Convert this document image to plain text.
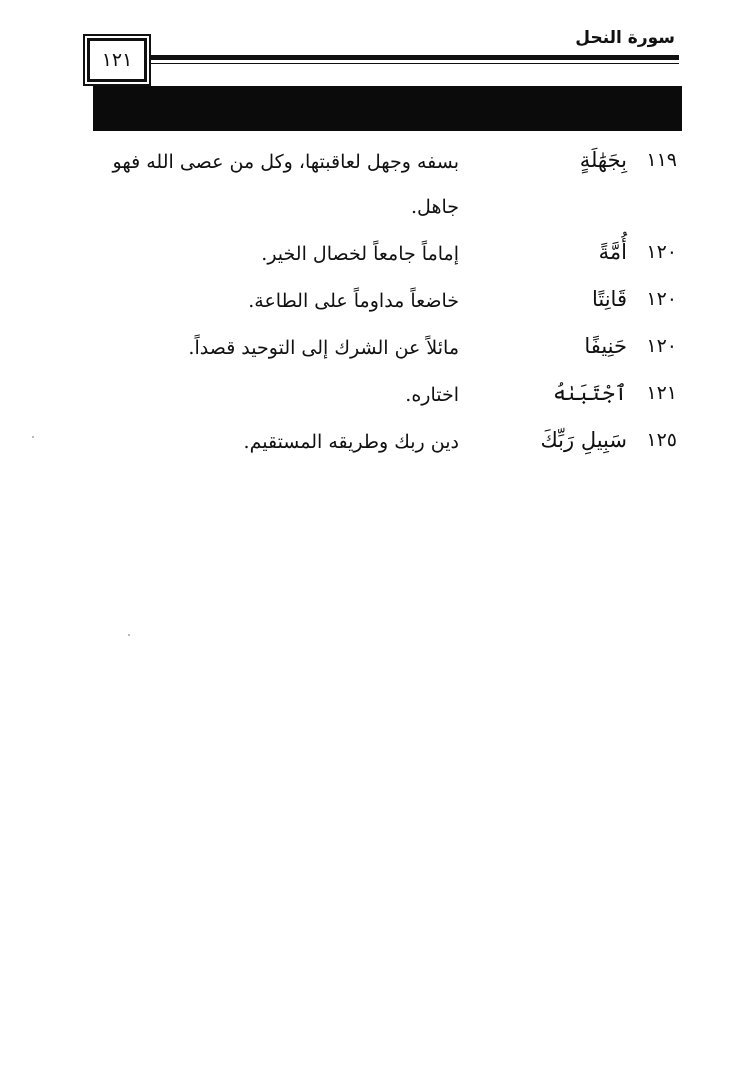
سورة النحل
١٢١
١١٩
بِجَهَٰلَةٍ
بسفه وجهل لعاقبتها، وكل من عصى الله فهو جاهل.
١٢٠
أُمَّةً
إماماً جامعاً لخصال الخير.
١٢٠
قَانِتًا
خاضعاً مداوماً على الطاعة.
١٢٠
حَنِيفًا
مائلاً عن الشرك إلى التوحيد قصداً.
١٢١
ٱجْتَبَىٰهُ
اختاره.
١٢٥
سَبِيلِ رَبِّكَ
دين ربك وطريقه المستقيم.
